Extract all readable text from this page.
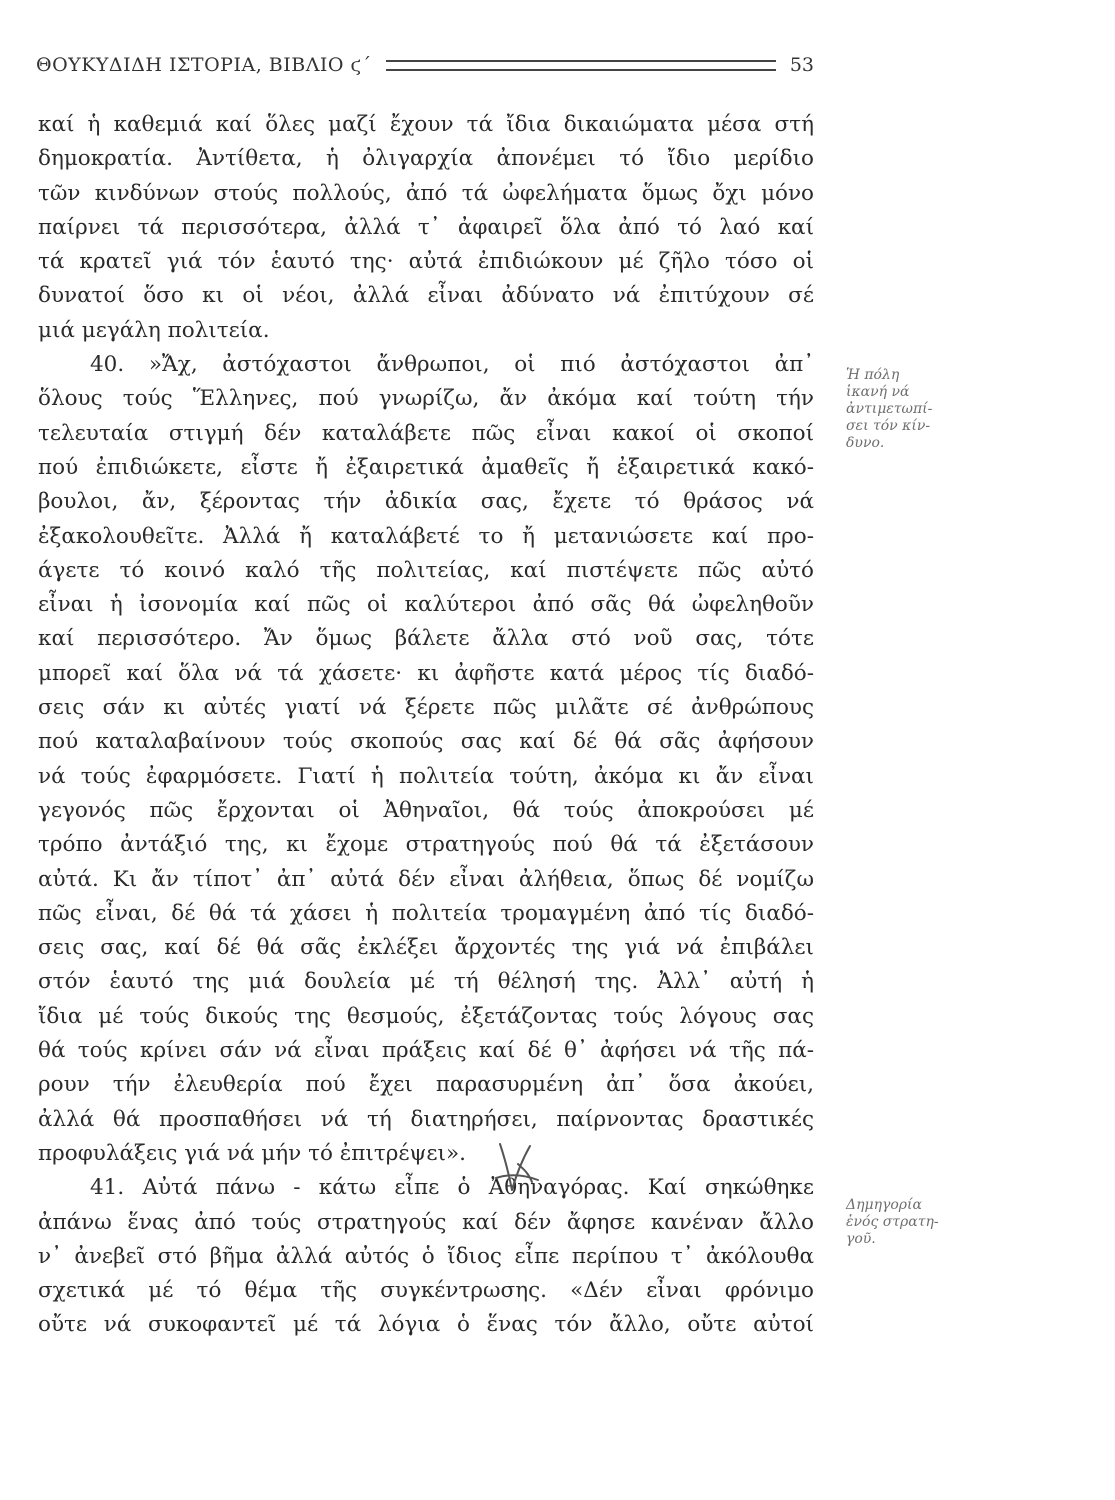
ΘΟΥΚΥΔΙΔΗ ΙΣΤΟΡΙΑ, ΒΙΒΛΙΟ ϛ΄	53
καί ἡ καθεμιά καί ὅλες μαζί ἔχουν τά ἴδια δικαιώματα μέσα στή
δημοκρατία. Ἀντίθετα, ἡ ὀλιγαρχία ἀπονέμει τό ἴδιο μερίδιο
τῶν κινδύνων στούς πολλούς, ἀπό τά ὠφελήματα ὅμως ὄχι μόνο
παίρνει τά περισσότερα, ἀλλά τ᾽ ἀφαιρεῖ ὅλα ἀπό τό λαό καί
τά κρατεῖ γιά τόν ἑαυτό της· αὐτά ἐπιδιώκουν μέ ζῆλο τόσο οἱ
δυνατοί ὅσο κι οἱ νέοι, ἀλλά εἶναι ἀδύνατο νά ἐπιτύχουν σέ
μιά μεγάλη πολιτεία.
40. »Ἄχ, ἀστόχαστοι ἄνθρωποι, οἱ πιό ἀστόχαστοι ἀπ᾽
ὅλους τούς Ἕλληνες, πού γνωρίζω, ἄν ἀκόμα καί τούτη τήν
τελευταία στιγμή δέν καταλάβετε πῶς εἶναι κακοί οἱ σκοποί
πού ἐπιδιώκετε, εἶστε ἤ ἐξαιρετικά ἀμαθεῖς ἤ ἐξαιρετικά κακό-
βουλοι, ἄν, ξέροντας τήν ἀδικία σας, ἔχετε τό θράσος νά
ἐξακολουθεῖτε. Ἀλλά ἤ καταλάβετέ το ἤ μετανιώσετε καί προ-
άγετε τό κοινό καλό τῆς πολιτείας, καί πιστέψετε πῶς αὐτό
εἶναι ἡ ἰσονομία καί πῶς οἱ καλύτεροι ἀπό σᾶς θά ὠφεληθοῦν
καί περισσότερο. Ἄν ὅμως βάλετε ἄλλα στό νοῦ σας, τότε
μπορεῖ καί ὅλα νά τά χάσετε· κι ἀφῆστε κατά μέρος τίς διαδό-
σεις σάν κι αὐτές γιατί νά ξέρετε πῶς μιλᾶτε σέ ἀνθρώπους
πού καταλαβαίνουν τούς σκοπούς σας καί δέ θά σᾶς ἀφήσουν
νά τούς ἐφαρμόσετε. Γιατί ἡ πολιτεία τούτη, ἀκόμα κι ἄν εἶναι
γεγονός πῶς ἔρχονται οἱ Ἀθηναῖοι, θά τούς ἀποκρούσει μέ
τρόπο ἀντάξιό της, κι ἔχομε στρατηγούς πού θά τά ἐξετάσουν
αὐτά. Κι ἄν τίποτ᾽ ἀπ᾽ αὐτά δέν εἶναι ἀλήθεια, ὅπως δέ νομίζω
πῶς εἶναι, δέ θά τά χάσει ἡ πολιτεία τρομαγμένη ἀπό τίς διαδό-
σεις σας, καί δέ θά σᾶς ἐκλέξει ἄρχοντές της γιά νά ἐπιβάλει
στόν ἑαυτό της μιά δουλεία μέ τή θέλησή της. Ἀλλ᾽ αὐτή ἡ
ἴδια μέ τούς δικούς της θεσμούς, ἐξετάζοντας τούς λόγους σας
θά τούς κρίνει σάν νά εἶναι πράξεις καί δέ θ᾽ ἀφήσει νά τῆς πά-
ρουν τήν ἐλευθερία πού ἔχει παρασυρμένη ἀπ᾽ ὅσα ἀκούει,
ἀλλά θά προσπαθήσει νά τή διατηρήσει, παίρνοντας δραστικές
προφυλάξεις γιά νά μήν τό ἐπιτρέψει».
41. Αὐτά πάνω - κάτω εἶπε ὁ Ἀθηναγόρας. Καί σηκώθηκε
ἀπάνω ἕνας ἀπό τούς στρατηγούς καί δέν ἄφησε κανέναν ἄλλο
ν᾽ ἀνεβεῖ στό βῆμα ἀλλά αὐτός ὁ ἴδιος εἶπε περίπου τ᾽ ἀκόλουθα
σχετικά μέ τό θέμα τῆς συγκέντρωσης. «Δέν εἶναι φρόνιμο
οὔτε νά συκοφαντεῖ μέ τά λόγια ὁ ἕνας τόν ἄλλο, οὔτε αὐτοί
Ἡ πόλη
ἱκανή νά
ἀντιμετωπί-
σει τόν κίν-
δυνο.
Δημηγορία
ἑνός στρατη-
γοῦ.
